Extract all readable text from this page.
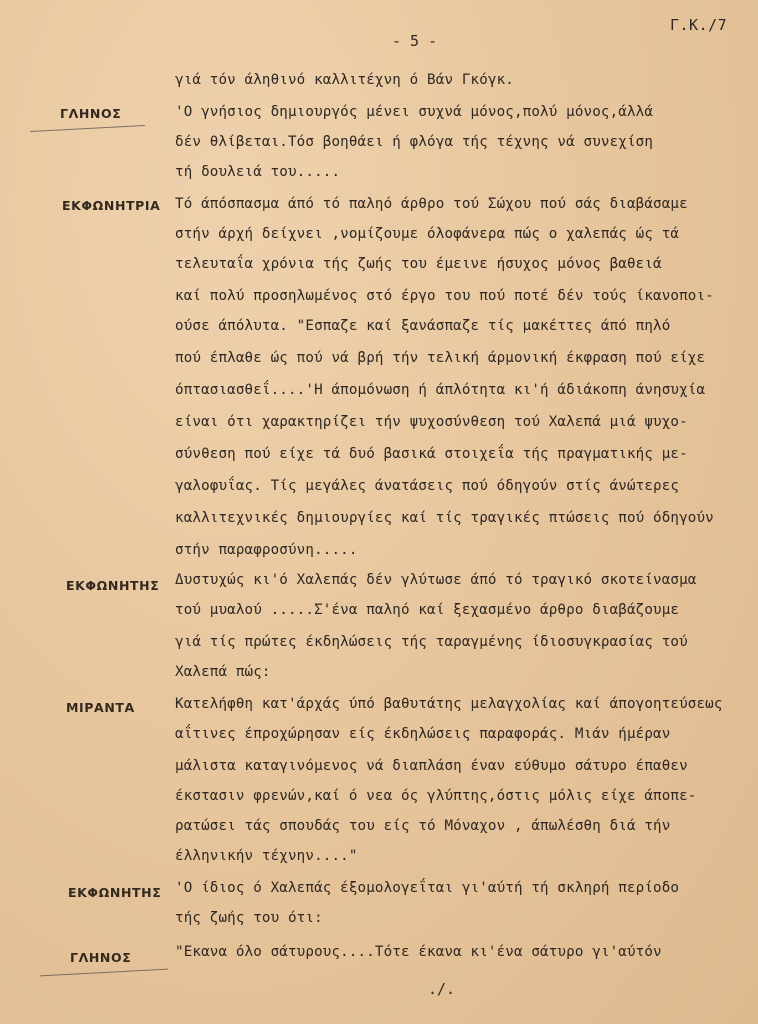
Γ.Κ./7
- 5 -
ΓΛΗΝΟΣ
ΕΚΦΩΝΗΤΡΙΑ
ΕΚΦΩΝΗΤΗΣ
ΜΙΡΑΝΤΑ
ΕΚΦΩΝΗΤΗΣ
ΓΛΗΝΟΣ
γιά τόν άληθινό καλλιτέχνη ό Βάν Γκόγκ.
'Ο γνήσιος δημιουργός μένει συχνά μόνος,πολύ μόνος,άλλά
δέν θλίβεται.Τόσ βοηθάει ή φλόγα τής τέχνης νά συνεχίση
τή δουλειά του.....
Τό άπόσπασμα άπό τό παληό άρθρο τού Σώχου πού σάς διαβάσαμε
στήν άρχή δείχνει ,νομίζουμε όλοφάνερα πώς ο χαλεπάς ώς τά
τελευταΐα χρόνια τής ζωής του έμεινε ήσυχος μόνος βαθειά
καί πολύ προσηλωμένος στό έργο του πού ποτέ δέν τούς ίκανοποι-
ούσε άπόλυτα. "Εσπαζε καί ξανάσπαζε τίς μακέττες άπό πηλό
πού έπλαθε ώς πού νά βρή τήν τελική άρμονική έκφραση πού είχε
όπτασιασθεΐ....'Η άπομόνωση ή άπλότητα κι'ή άδιάκοπη άνησυχία
είναι ότι χαρακτηρίζει τήν ψυχοσύνθεση τού Χαλεπά μιά ψυχο-
σύνθεση πού είχε τά δυό βασικά στοιχεΐα τής πραγματικής με-
γαλοφυΐας. Τίς μεγάλες άνατάσεις πού όδηγούν στίς άνώτερες
καλλιτεχνικές δημιουργίες καί τίς τραγικές πτώσεις πού όδηγούν
στήν παραφροσύνη.....
Δυστυχώς κι'ό Χαλεπάς δέν γλύτωσε άπό τό τραγικό σκοτείνασμα
τού μυαλού .....Σ'ένα παληό καί ξεχασμένο άρθρο διαβάζουμε
γιά τίς πρώτες έκδηλώσεις τής ταραγμένης ίδιοσυγκρασίας τού
Χαλεπά πώς:
Κατελήφθη κατ'άρχάς ύπό βαθυτάτης μελαγχολίας καί άπογοητεύσεως
αΐτινες έπροχώρησαν είς έκδηλώσεις παραφοράς. Μιάν ήμέραν
μάλιστα καταγινόμενος νά διαπλάση έναν εύθυμο σάτυρο έπαθεν
έκστασιν φρενών,καί ό νεα ός γλύπτης,όστις μόλις είχε άποπε-
ρατώσει τάς σπουδάς του είς τό Μόναχον , άπωλέσθη διά τήν
έλληνικήν τέχνην...."
'Ο ίδιος ό Χαλεπάς έξομολογεΐται γι'αύτή τή σκληρή περίοδο
τής ζωής του ότι:
"Εκανα όλο σάτυρους....Τότε έκανα κι'ένα σάτυρο γι'αύτόν
./.
